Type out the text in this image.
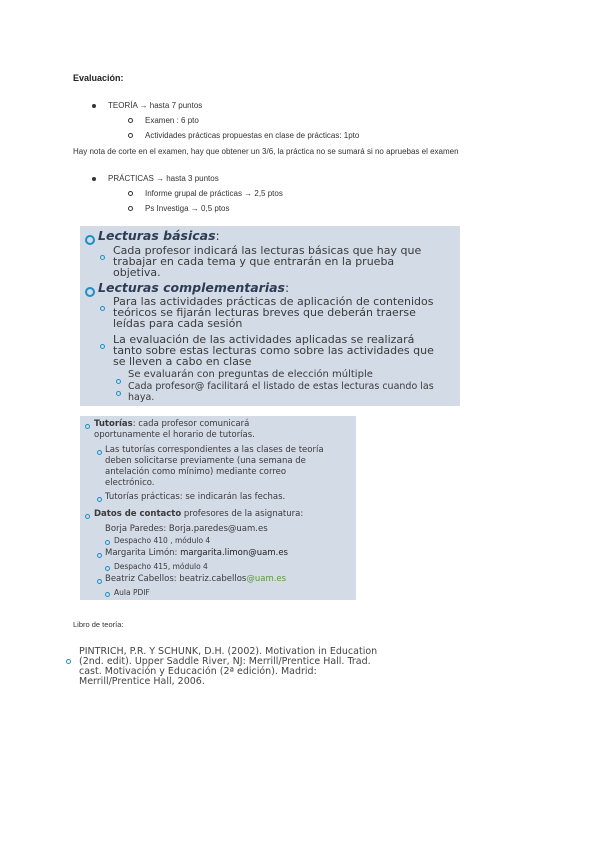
Evaluación:
TEORÍA → hasta 7 puntos
Examen : 6 pto
Actividades prácticas propuestas en clase de prácticas: 1pto
Hay nota de corte en el examen, hay que obtener un 3/6, la práctica no se sumará si no apruebas el examen
PRÁCTICAS → hasta 3 puntos
Informe grupal de prácticas → 2,5 ptos
Ps Investiga → 0,5 ptos
Lecturas básicas:
Cada profesor indicará las lecturas básicas que hay que
trabajar en cada tema y que entrarán en la prueba
objetiva.
Lecturas complementarias:
Para las actividades prácticas de aplicación de contenidos
teóricos se fijarán lecturas breves que deberán traerse
leídas para cada sesión
La evaluación de las actividades aplicadas se realizará
tanto sobre estas lecturas como sobre las actividades que
se lleven a cabo en clase
Se evaluarán con preguntas de elección múltiple
Cada profesor@ facilitará el listado de estas lecturas cuando las
haya.
Tutorías: cada profesor comunicará
oportunamente el horario de tutorías.
Las tutorías correspondientes a las clases de teoría
deben solicitarse previamente (una semana de
antelación como mínimo) mediante correo
electrónico.
Tutorías prácticas: se indicarán las fechas.
Datos de contacto profesores de la asignatura:
Borja Paredes: Borja.paredes@uam.es
Despacho 410 , módulo 4
Margarita Limón: margarita.limon@uam.es
Despacho 415, módulo 4
Beatriz Cabellos: beatriz.cabellos@uam.es
Aula PDIF
Libro de teoría:
PINTRICH, P.R. Y SCHUNK, D.H. (2002). Motivation in Education
(2nd. edit). Upper Saddle River, NJ: Merrill/Prentice Hall. Trad.
cast. Motivación y Educación (2ª edición). Madrid:
Merrill/Prentice Hall, 2006.
